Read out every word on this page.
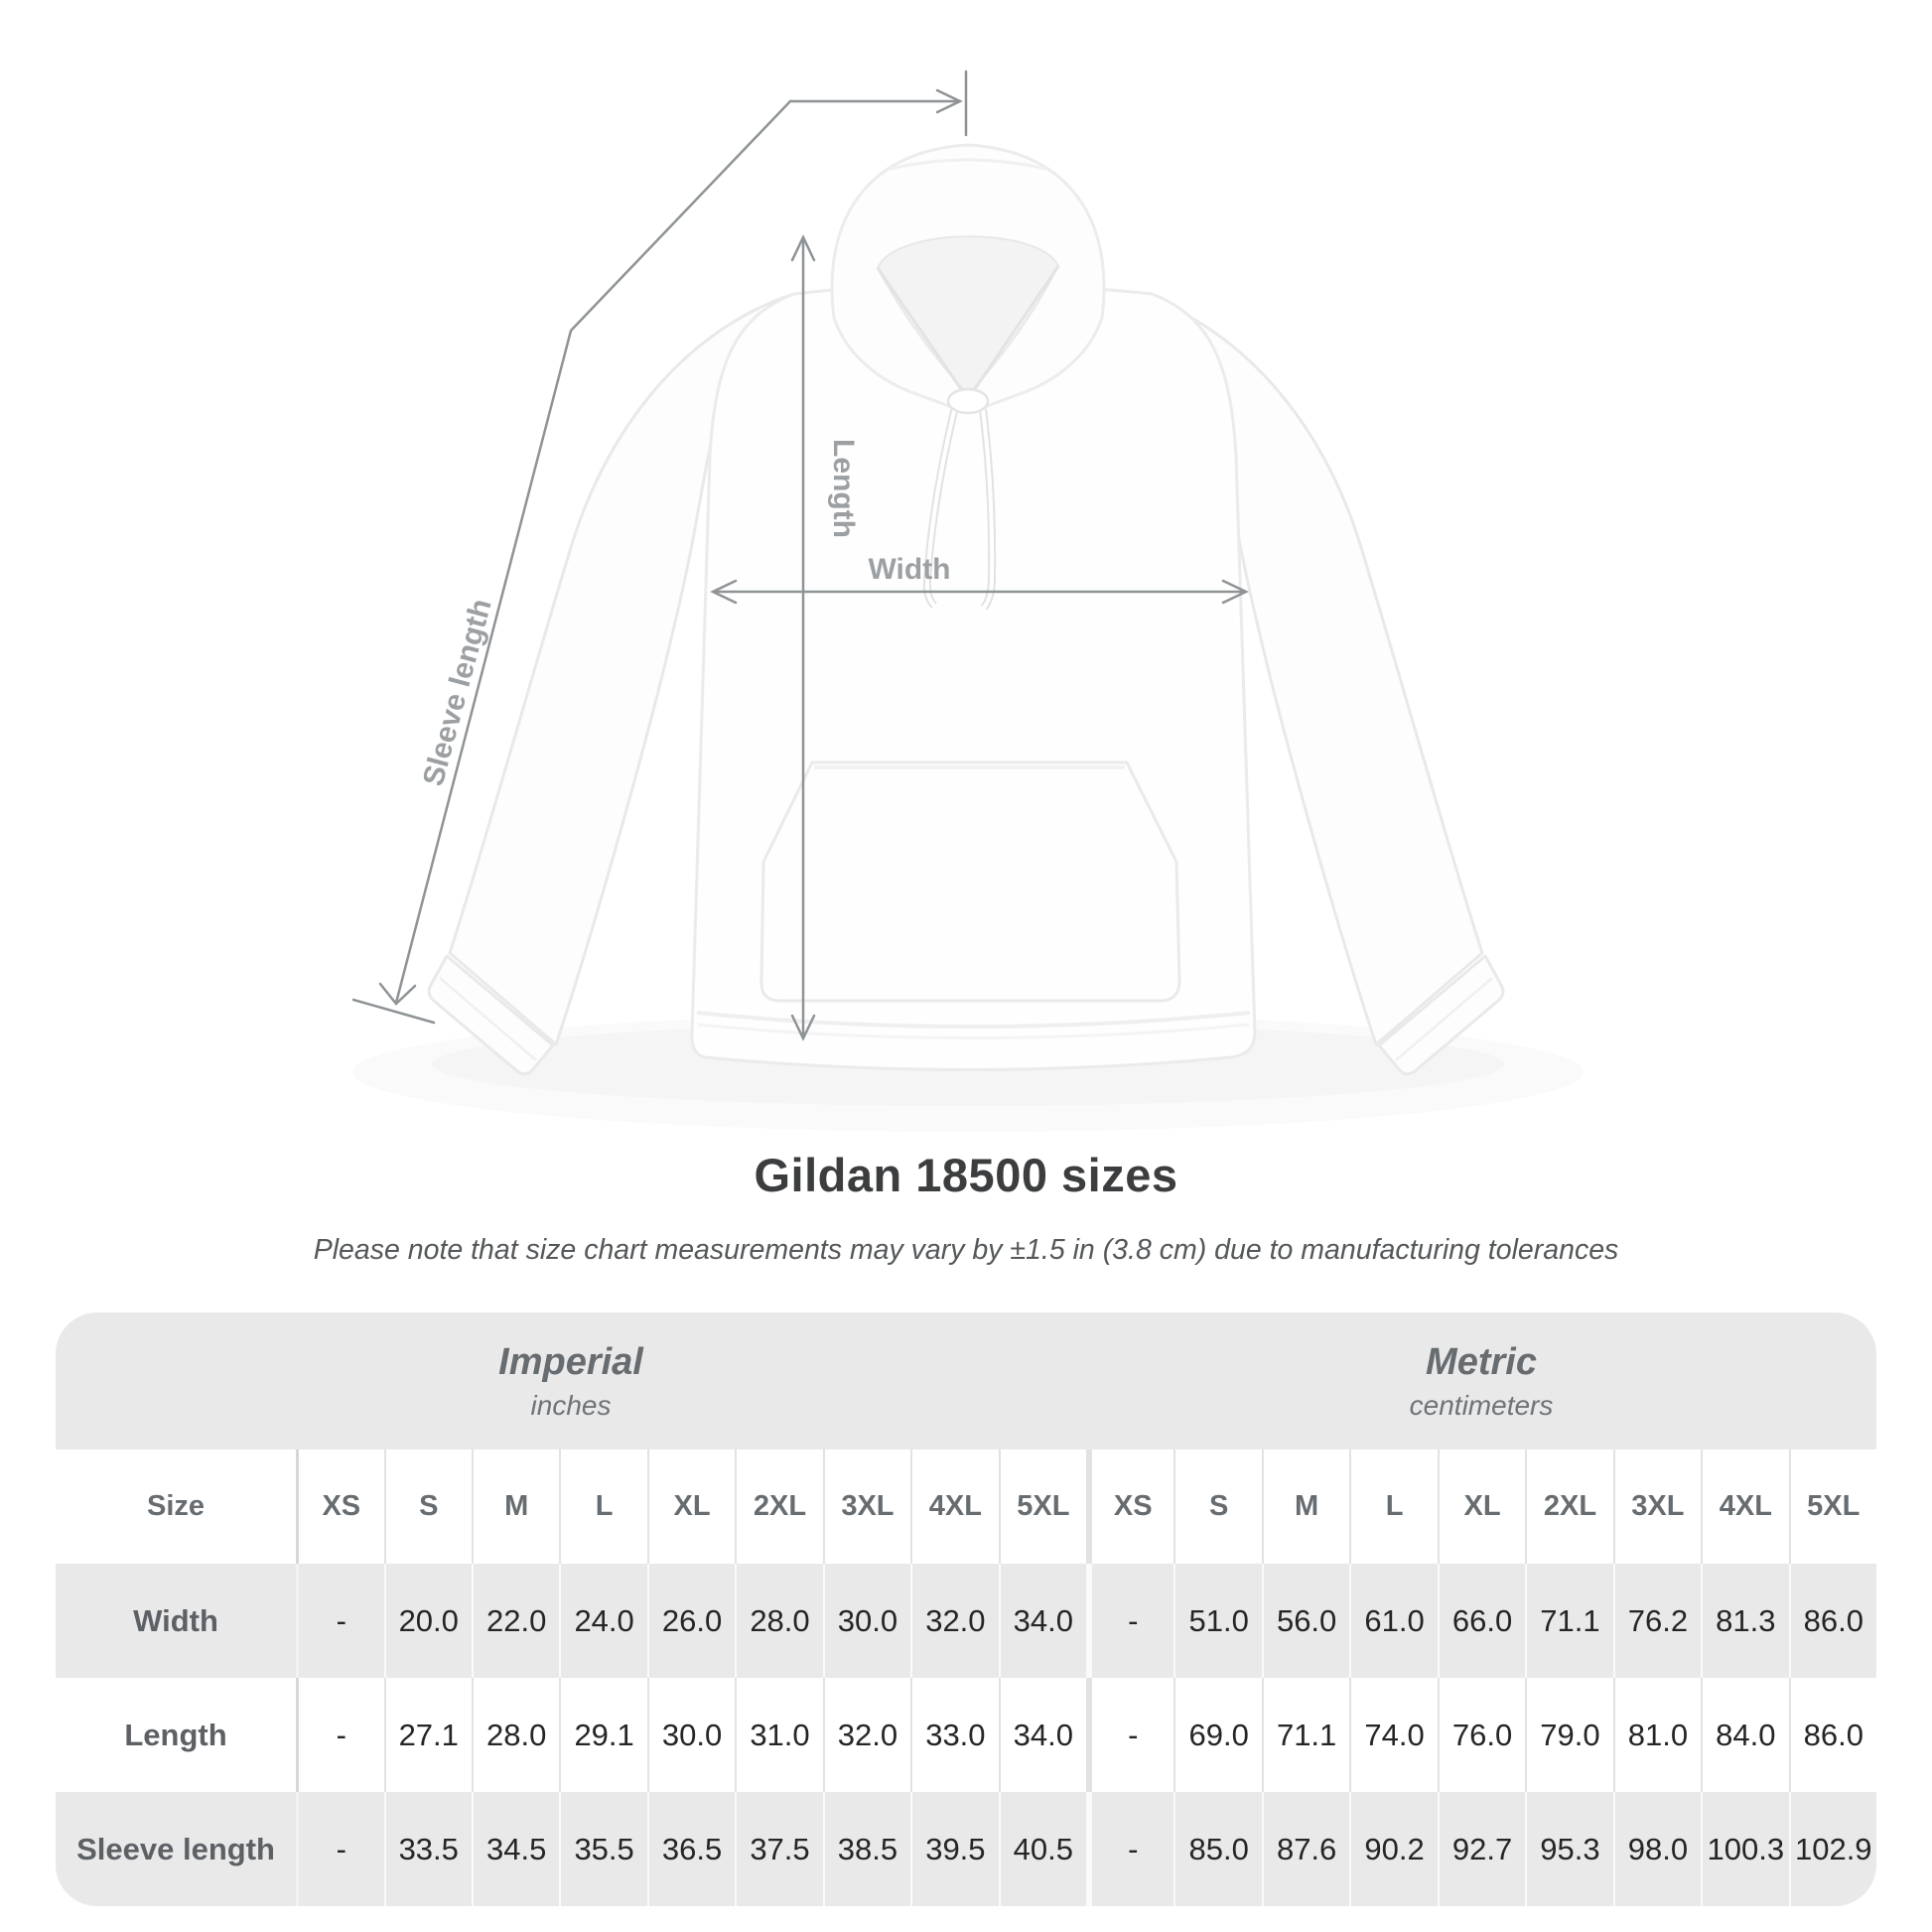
Length
Width
Sleeve length
Gildan 18500 sizes
Please note that size chart measurements may vary by ±1.5 in (3.8 cm) due to manufacturing tolerances
Imperial
inches
Metric
centimeters
Size	XS	S	M	L	XL	2XL	3XL	4XL	5XL	XS	S	M	L	XL	2XL	3XL	4XL	5XL
Width	-	20.0 22.0 24.0 26.0 28.0 30.0 32.0 34.0	-	51.0 56.0 61.0 66.0 71.1 76.2 81.3 86.0
Length	-	27.1 28.0 29.1 30.0 31.0 32.0 33.0 34.0	-	69.0 71.1 74.0 76.0 79.0 81.0 84.0 86.0
Sleeve length	-	33.5 34.5 35.5 36.5 37.5 38.5 39.5 40.5	-	85.0 87.6 90.2 92.7 95.3 98.0 100.3 102.9
